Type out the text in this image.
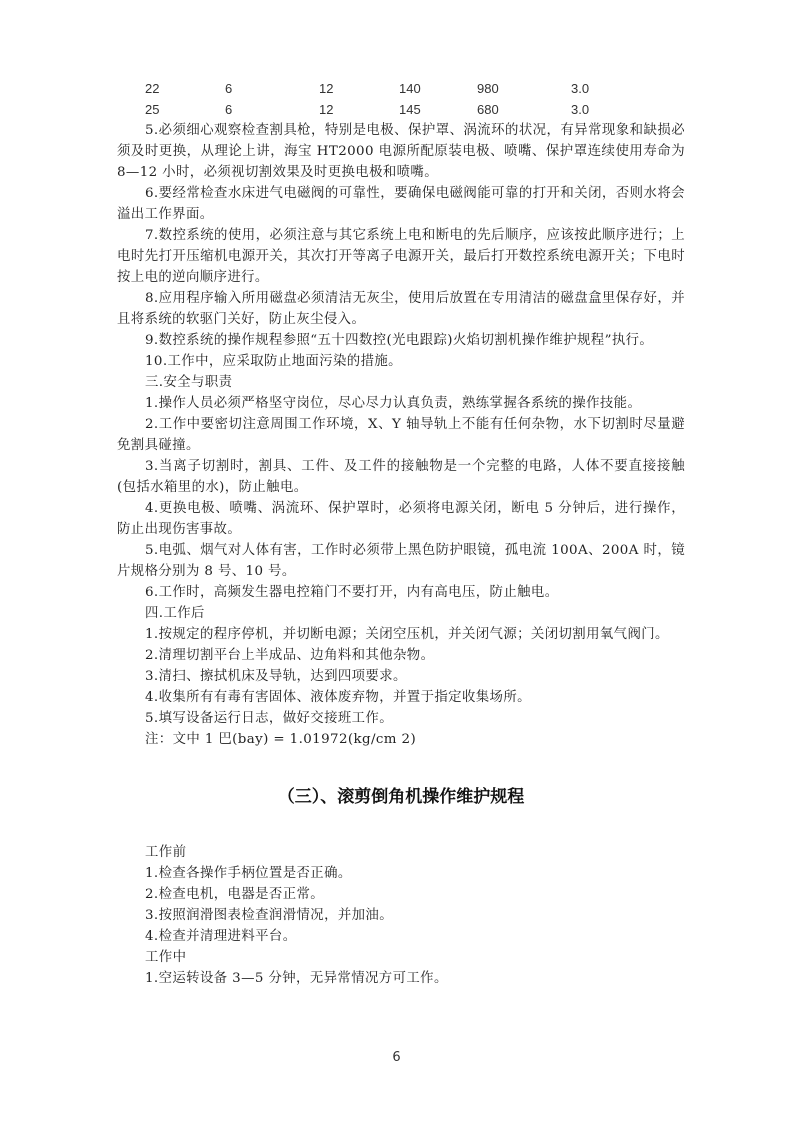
22	6	12	140	980	3.0
25	6	12	145	680	3.0

5.必须细心观察检查割具枪，特别是电极、保护罩、涡流环的状况，有异常现象和缺损必须及时更换，从理论上讲，海宝 HT2000 电源所配原装电极、喷嘴、保护罩连续使用寿命为 8—12 小时，必须视切割效果及时更换电极和喷嘴。

6.要经常检查水床进气电磁阀的可靠性，要确保电磁阀能可靠的打开和关闭，否则水将会溢出工作界面。

7.数控系统的使用，必须注意与其它系统上电和断电的先后顺序，应该按此顺序进行；上电时先打开压缩机电源开关，其次打开等离子电源开关，最后打开数控系统电源开关；下电时按上电的逆向顺序进行。

8.应用程序输入所用磁盘必须清洁无灰尘，使用后放置在专用清洁的磁盘盒里保存好，并且将系统的软驱门关好，防止灰尘侵入。

9.数控系统的操作规程参照“五十四数控(光电跟踪)火焰切割机操作维护规程”执行。

10.工作中，应采取防止地面污染的措施。

三.安全与职责

1.操作人员必须严格坚守岗位，尽心尽力认真负责，熟练掌握各系统的操作技能。

2.工作中要密切注意周围工作环境，X、Y 轴导轨上不能有任何杂物，水下切割时尽量避免割具碰撞。

3.当离子切割时，割具、工件、及工件的接触物是一个完整的电路，人体不要直接接触(包括水箱里的水)，防止触电。

4.更换电极、喷嘴、涡流环、保护罩时，必须将电源关闭，断电 5 分钟后，进行操作，防止出现伤害事故。

5.电弧、烟气对人体有害，工作时必须带上黑色防护眼镜，孤电流 100A、200A 时，镜片规格分别为 8 号、10 号。

6.工作时，高频发生器电控箱门不要打开，内有高电压，防止触电。

四.工作后

1.按规定的程序停机，并切断电源；关闭空压机，并关闭气源；关闭切割用氧气阀门。

2.清理切割平台上半成品、边角料和其他杂物。

3.清扫、擦拭机床及导轨，达到四项要求。

4.收集所有有毒有害固体、液体废弃物，并置于指定收集场所。

5.填写设备运行日志，做好交接班工作。

注：文中 1 巴(bay) = 1.01972(kg/cm 2)

（三）、滚剪倒角机操作维护规程

工作前

1.检查各操作手柄位置是否正确。

2.检查电机，电器是否正常。

3.按照润滑图表检查润滑情况，并加油。

4.检查并清理进料平台。

工作中

1.空运转设备 3—5 分钟，无异常情况方可工作。

6
